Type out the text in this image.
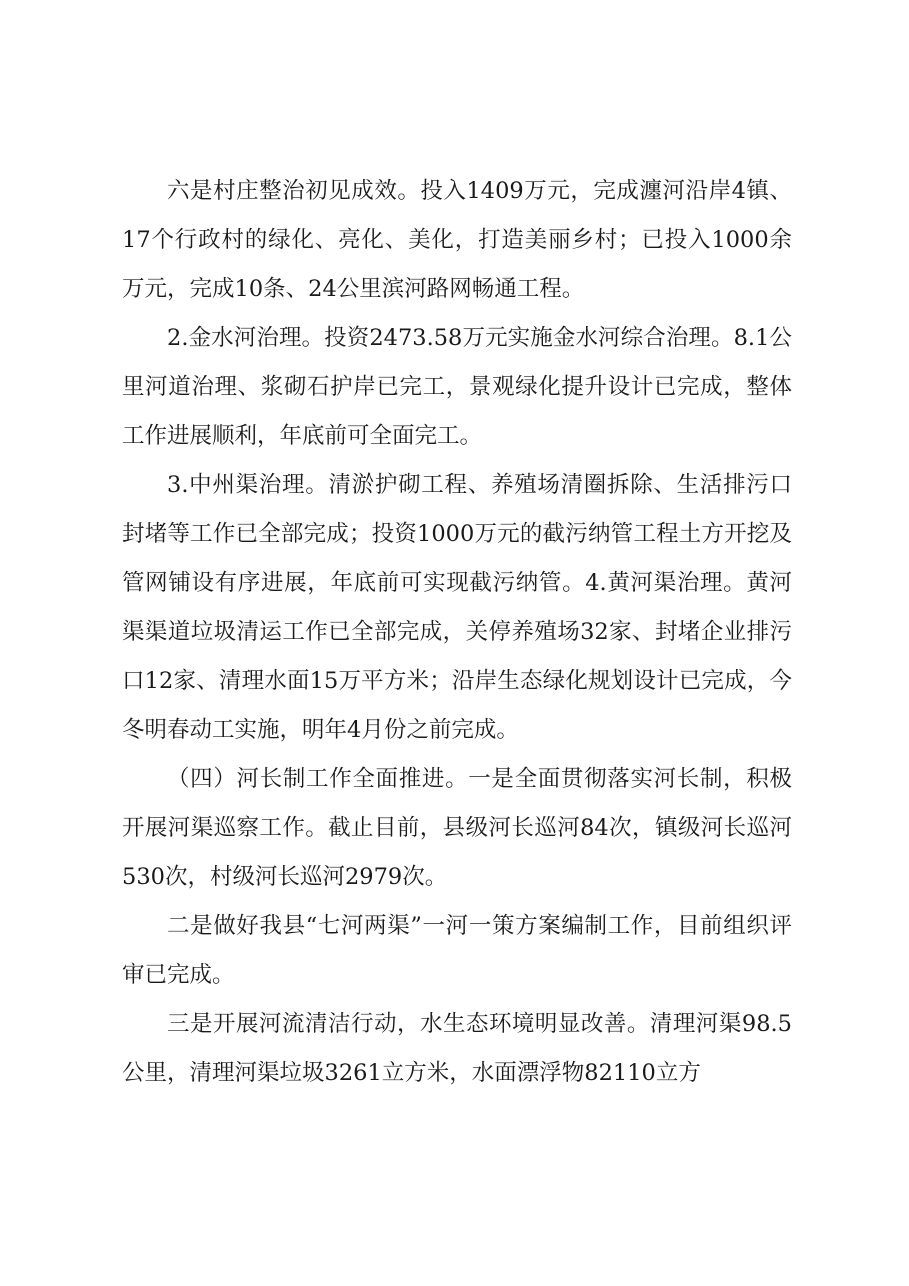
六是村庄整治初见成效。投入1409万元，完成瀍河沿岸4镇、17个行政村的绿化、亮化、美化，打造美丽乡村；已投入1000余万元，完成10条、24公里滨河路网畅通工程。

2.金水河治理。投资2473.58万元实施金水河综合治理。8.1公里河道治理、浆砌石护岸已完工，景观绿化提升设计已完成，整体工作进展顺利，年底前可全面完工。

3.中州渠治理。清淤护砌工程、养殖场清圈拆除、生活排污口封堵等工作已全部完成；投资1000万元的截污纳管工程土方开挖及管网铺设有序进展，年底前可实现截污纳管。4.黄河渠治理。黄河渠渠道垃圾清运工作已全部完成，关停养殖场32家、封堵企业排污口12家、清理水面15万平方米；沿岸生态绿化规划设计已完成，今冬明春动工实施，明年4月份之前完成。

（四）河长制工作全面推进。一是全面贯彻落实河长制，积极开展河渠巡察工作。截止目前，县级河长巡河84次，镇级河长巡河530次，村级河长巡河2979次。

二是做好我县“七河两渠”一河一策方案编制工作，目前组织评审已完成。

三是开展河流清洁行动，水生态环境明显改善。清理河渠98.5公里，清理河渠垃圾3261立方米，水面漂浮物82110立方
